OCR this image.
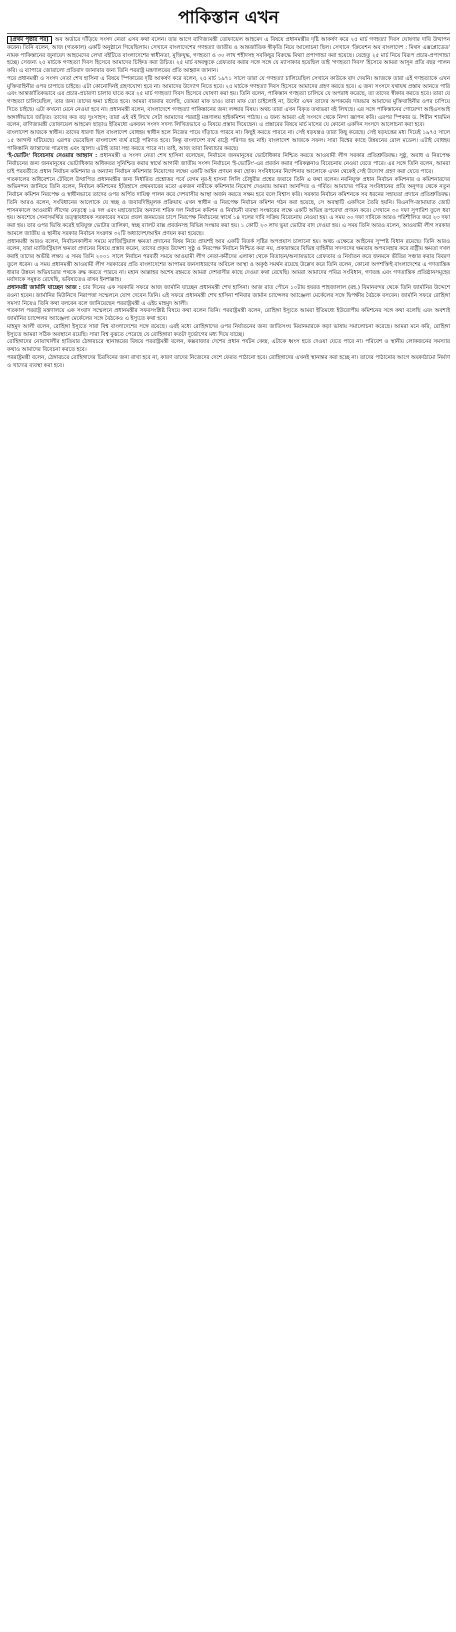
পাকিস্তান এখন

[প্রথম পৃষ্ঠার পর] অব অর্ডারে দাঁড়িয়ে সংসদ নেতা এসব কথা বলেন। তার আগে বাণিজ্যমন্ত্রী তোফায়েল আহমেদ এ বিষয়ে প্রধানমন্ত্রীর দৃষ্টি আকর্ষণ করে ২৫ মার্চ গণহত্যা দিবস ঘোষণার দাবি উত্থাপন করেন। তিনি বলেন, আজ (গতকাল) একটি অনুষ্ঠানে গিয়েছিলাম। সেখানে বাংলাদেশের গণহত্যা জাতীয় ও আন্তর্জাতিক স্বীকৃতি নিয়ে আলোচনা ছিল। সেখানে 'ক্রিয়েশন অব বাংলাদেশ : মিথস এক্সপ্লোডেড' নামক পাকিস্তানের জুনায়েদ আহমেদের লেখা বইটিতে বাংলাদেশের স্বাধীনতা, মুক্তিযুদ্ধ, গণহত্যা ও ৩০ লাখ শহীদসহ সবকিছুর বিরুদ্ধে মিথ্যা প্রপাগান্ডা করা হয়েছে। যেহেতু ২৫ মার্চ নিয়ে বিরূপ প্রচার-প্রপাগান্ডা হচ্ছে। সেজন্য ২৫ মার্চকে গণহত্যা দিবস হিসেবে আমাদের চিহ্নিত করা উচিত। ২৫ মার্চ বঙ্গবন্ধুকে গ্রেফতার করার সঙ্গে সঙ্গে যে ম্যাসাকার হয়েছিল তাই 'গণহত্যা দিবস' হিসেবে আমরা আসুন প্রতি বছর পালন করি। এ ব্যাপারে জোরালো প্রতিবাদ জানাবার জন্য তিনি পররাষ্ট্র মন্ত্রণালয়ের প্রতি আহ্বান জানান।

পরে প্রধানমন্ত্রী ও সংসদ নেতা শেখ হাসিনা এ বিষয়ে স্পিকারের দৃষ্টি আকর্ষণ করে বলেন, ২৫ মার্চ ১৯৭১ সালে তারা যে গণহত্যা চালিয়েছিল সেখানে কাউকে বাদ দেয়নি। আজকে তারা এই গণহত্যাকে এখন মুক্তিবাহিনীর ওপর চাপাতে চাইছে। এটা কোনোদিনই গ্রহণযোগ্য হবে না। আমাদের উদ্যোগ নিতে হবে। ২৫ মার্চকে গণহত্যা দিবস হিসেবে আমাদের গ্রহণ করতে হবে। এ জন্য সংসদে যথাযথ প্রস্তাব আনতে পারি এবং আন্তর্জাতিকভাবে এর প্রচার-প্রচারণা চালাব যাতে করে ২৫ মার্চ গণহত্যা দিবস হিসেবে ঘোষণা করা হয়। তিনি বলেন, পাকিস্তান গণহত্যা চালিয়ে যে অপরাধ করেছে, তা তাদের স্বীকার করতে হবে। তারা যে গণহত্যা চালিয়েছিল, তার জন্য তাদের ক্ষমা চাইতে হবে। আমরা বারবার বলেছি, তোমরা মাফ চাও। তারা মাফ তো চাইলোই না, উল্টো এখন তাদের অপকর্মের দায়ভার আমাদের মুক্তিবাহিনীর ওপর চাপিয়ে দিতে চাইছে। এটা কখনো মেনে নেওয়া হবে না। প্রধানমন্ত্রী বলেন, বাংলাদেশে গণহত্যা পাকিস্তানের জন্য লজ্জার বিষয়। অথচ তারা এখন বিকৃত তথ্যভরা বই লিখছে। এর সঙ্গে পাকিস্তানের গোয়েন্দা আইএসআই অঙ্গাঙ্গীভাবে জড়িত। তাদের কত বড় দুঃসাহস; তারা এই বই লিখে সেটা আমাদের পররাষ্ট্র মন্ত্রণালয় হাইকমিশন পাঠায়। এ জন্য আমরা এই সংসদে থেকে নিন্দা জ্ঞাপন করি। এরপর স্পিকার ড. শিরীন শারমিন বলেন, বাণিজ্যমন্ত্রী তোফায়েল আহমেদ ছাড়াও ইতিমধ্যে একজন সংসদ সদস্য লিখিতভাবে এ বিষয়ে প্রস্তাব দিয়েছেন। এ প্রস্তাবের বিষয়ে মার্চ মাসের যে কোনো একদিন সংসদে আলোচনা করা হবে।

বাংলাদেশ আজকে স্বাধীন। তাদের ধারণা ছিল বাংলাদেশ বোধহয় স্বাধীন হলে নিজের পায়ে দাঁড়াতে পারবে না। কিছুই করতে পারবে না। সেই ষড়যন্ত্রও তারা কিছু করেছে। সেই ষড়যন্ত্রের মধ্য দিয়েই ১৯৭৫ সালে ১৫ আগস্ট ঘটিয়েছে। এরপর ভেবেছিল বাংলাদেশ ব্যর্থ রাষ্ট্রে পরিণত হবে। কিন্তু বাংলাদেশ ব্যর্থ রাষ্ট্রে পরিণত হয় নাই। বাংলাদেশ আজকে সফল। সারা বিশ্বের কাছে উন্নয়নের রোল মডেল। এটাই বোধহয় পাকিস্তানি জান্তাদের গাত্রদাহ এবং জ্বালা। এটাই তারা সহ্য করতে পারে না। তাই, আজ তারা মিথ্যাচার করছে।

'ই-ভোটিং' বিবেচনায় নেওয়ার আহ্বান : প্রধানমন্ত্রী ও সংসদ নেতা শেখ হাসিনা বলেছেন, নির্বাচনে জনমানুষের ভোটাধিকার নিশ্চিত করতে আওয়ামী লীগ সরকার প্রতিশ্রুতিবদ্ধ। সুষ্ঠু, অবাধ ও নিরপেক্ষ নির্বাচনের জন্য জনমানুষের ভোটাধিকার অধিকতর সুনিশ্চিত করার স্বার্থে আগামী জাতীয় সংসদ নির্বাচনে 'ই-ভোটিং'-এর প্রবর্তন করার পরিকল্পনাও বিবেচনায় নেওয়া যেতে পারে। এর সঙ্গে তিনি বলেন, আমরা চাই পরবর্তীতে প্রধান নির্বাচন কমিশনার ও অন্যান্য নির্বাচন কমিশনার নিয়োগের লক্ষ্যে একটি আইন প্রণয়ন করা হোক। সংবিধানের নির্দেশনার আলোকে এখন থেকেই সেই উদ্যোগ গ্রহণ করা যেতে পারে।

গতকালের অধিবেশনে টেবিলে উত্থাপিত প্রধানমন্ত্রীর জন্য নির্ধারিত প্রশ্নোত্তর পর্বে বেগম নূর-ই হাসনা লিলি চৌধুরীর প্রশ্নের জবাবে তিনি এ কথা বলেন। নবনিযুক্ত প্রধান নির্বাচন কমিশনার ও কমিশনারদের অভিনন্দন জানিয়ে তিনি বলেন, নির্বাচন কমিশনের ইতিহাসে প্রথমবারের মতো একজন নারীকে কমিশনার নিয়োগ দেওয়ায় আমরা আনন্দিত ও গর্বিত। আমাদের পবিত্র সংবিধানের প্রতি অনুগত থেকে নতুন নির্বাচন কমিশন নিরপেক্ষ ও স্বাধীনভাবে তাদের ওপর অর্পিত দায়িত্ব পালন করে দেশবাসীর আস্থা অর্জন করতে সক্ষম হবে বলে বিশ্বাস করি। সরকার নির্বাচন কমিশনকে সব ধরনের সহায়তা প্রদানে প্রতিশ্রুতিবদ্ধ। তিনি আরও বলেন, সংবিধানের আলোকে যে স্বচ্ছ ও জবাবদিহিমূলক প্রক্রিয়ায় এখন স্বাধীন ও নিরপেক্ষ নির্বাচন কমিশন গঠন করা হয়েছে, সে অবস্থাটি একদিনে তৈরি হয়নি। বিএনপি-জামায়াত জোট শাসনকালে আওয়ামী লীগের নেতৃত্বে ১৪ দল এবং মহাজোটের অন্যান্য শরিক দল নির্বাচন কমিশন ও নির্বাচনী ব্যবস্থা সংস্কারের লক্ষে একটি অভিন্ন রূপরেখা প্রণয়ন করে। সেখানে ৩০ দফা সুপারিশ তুলে ধরা হয়। অবশেষে সেনাসমর্থিত তত্ত্বাবধায়ক সরকারের সময়ে প্রবল জনমতের চাপে নিরপেক্ষ নির্বাচনের স্বার্থে ১৪ দলের দাবি সক্রিয় বিবেচনায় নেওয়া হয়। এ সময় ৩০ দফা দাবিকে আরও পরিশীলিত করে ২৩ দফা করা হয়। তার ওপর ভিত্তি করেই ছবিযুক্ত ভোটার তালিকা, স্বচ্ছ ব্যালট বাক্স প্রবর্তনসহ বিভিন্ন সংস্কার করা হয়। ১ কোটি ২৩ লাখ ভুয়া ভোটার বাদ দেওয়া হয়। এ সময় তিনি আরও বলেন, আওয়ামী লীগ সরকার আমলে জাতীয় ও স্থানীয় সরকার নির্বাচন সংক্রান্ত ৩২টি অধ্যাদেশ/আইন প্রণয়ন করা হয়েছে।

প্রধানমন্ত্রী আরও বলেন, নির্বাচনকালীন সময়ে ম্যাজিস্ট্রিয়াল ক্ষমতা প্রদানের বিষয় নিয়ে প্রায়শই আর একটি বিতর্ক সৃষ্টির অপপ্রয়াস চালানো হয়। অথচ এক্ষেত্রে আইনের সুস্পষ্ট বিধান রয়েছে। তিনি আরও বলেন, যারা ম্যাজিস্ট্রিয়াল ক্ষমতা প্রদানের বিষয়ে প্রস্তাব করেন, তাদের প্রকৃত উদ্দেশ্য সুষ্ঠু ও নিরপেক্ষ নির্বাচন নিশ্চিত করা নয়, প্রকারান্তরে বিভিন্ন বাহিনীর সদস্যদের ক্ষমতার অপব্যবহার করে রাষ্ট্রীয় ক্ষমতা দখল করাই তাদের অভীষ্ট লক্ষ্য। এ সময় তিনি ২০০১ সালে নির্বাচন পরবর্তী সময়ে আওয়ামী লীগ নেতা-কর্মীদের এলাকা থেকে বিতাড়ন/অন্যায়ভাবে গ্রেফতার ও নির্যাতন করে জনমনে ভীতির সঞ্চার করার বিবরণ তুলে ধরেন। এ সময় প্রধানমন্ত্রী আওয়ামী লীগ সরকারের প্রতি বাংলাদেশের আপামর জনসাধারণের অবিচল আস্থা ও অকুণ্ঠ সমর্থন রয়েছে উল্লেখ করে তিনি বলেন, কোনো অপশক্তিই বাংলাদেশের এ গণতান্ত্রিক ধারার উন্নয়ন অভিযাত্রার পথকে রুদ্ধ করতে পারবে না। মহান আল্লাহর অশেষ রহমতে আমরা দেশবাসীর কাছে দেওয়া কথা রেখেছি। আমরা আমাদের পবিত্র সংবিধান, গণতন্ত্র এবং গণতান্ত্রিক প্রতিষ্ঠানসমূহের মর্যাদাকে সমুন্নত রেখেছি, ভবিষ্যতেও রাখব ইনশাল্লাহ।

প্রধানমন্ত্রী জার্মানি যাচ্ছেন আজ : চার দিনের এক সরকারি সফরে আজ জার্মানি যাচ্ছেন প্রধানমন্ত্রী শেখ হাসিনা। আজ রাত পৌনে ১০টায় হযরত শাহজালাল (রহ.) বিমানবন্দর থেকে তিনি জার্মানির উদ্দেশে রওনা হবেন। জার্মানির মিউনিখে নিরাপত্তা সম্মেলনে যোগ দেবেন তিনি। এই সফরে প্রধানমন্ত্রী শেখ হাসিনা শনিবার জার্মান চ্যান্সেলর অ্যাঞ্জেলা মের্কেলের সঙ্গে দ্বিপক্ষীয় বৈঠকে বসবেন। জার্মানি সফরে রোহিঙ্গা সমস্যা নিয়েও তিনি কথা বলবেন বলে জানিয়েছেন পররাষ্ট্রমন্ত্রী এ এইচ মাহমুদ আলী।

গতকাল পররাষ্ট্র মন্ত্রণালয়ে এক সংবাদ সম্মেলনে প্রধানমন্ত্রীর সফরসংশ্লিষ্ট বিষয়ে কথা বলেন তিনি। পররাষ্ট্রমন্ত্রী বলেন, রোহিঙ্গা ইস্যুতে আমরা ইতিমধ্যে ইউরোপীয় কমিশনের সঙ্গে কথা বলেছি এবং অবশ্যই জার্মানির চ্যান্সেলর অ্যাঞ্জেলা মের্কেলের সঙ্গে বৈঠকেও এ ইস্যুতে কথা হবে।

মাহমুদ আলী বলেন, রোহিঙ্গা ইস্যুতে সারা বিশ্ব বাংলাদেশের সঙ্গে রয়েছে। এরই মধ্যে রোহিঙ্গাদের ওপর নির্যাতনের জন্য জাতিসংঘ মিয়ানমারকে কড়া ভাষায় সমালোচনা করেছে। আমরা মনে করি, রোহিঙ্গা ইস্যুতে আমরা সঠিক অবস্থানে রয়েছি। সারা বিশ্ব বুঝতে পেরেছে যে রোহিঙ্গারা কতটা দুর্ভোগের মধ্য দিয়ে যাচ্ছে।

রোহিঙ্গাদের নোয়াখালীর হাতিয়ার ঠেঙ্গারচরে স্থানান্তরের বিষয়ে পররাষ্ট্রমন্ত্রী বলেন, কক্সবাজার দেশের প্রধান পর্যটন কেন্দ্র, এটাকে ধ্বংস হতে দেওয়া যেতে পারে না। পরিবেশ ও স্থানীয় লোকজনের সমস্যার কথাও আমাদের বিবেচনা করতে হবে।

পররাষ্ট্রমন্ত্রী বলেন, ঠেঙ্গারচরে রোহিঙ্গাদের চিরদিনের জন্য রাখা হবে না, কারণ তাদের নিজেদের দেশে ফেরত পাঠানো হবে। রোহিঙ্গাদের এখনই স্থানান্তর করা হচ্ছে না। তাদের পাঠানোর আগে অবকাঠামো নির্মাণ ও খাদ্যের ব্যবস্থা করা হবে।
